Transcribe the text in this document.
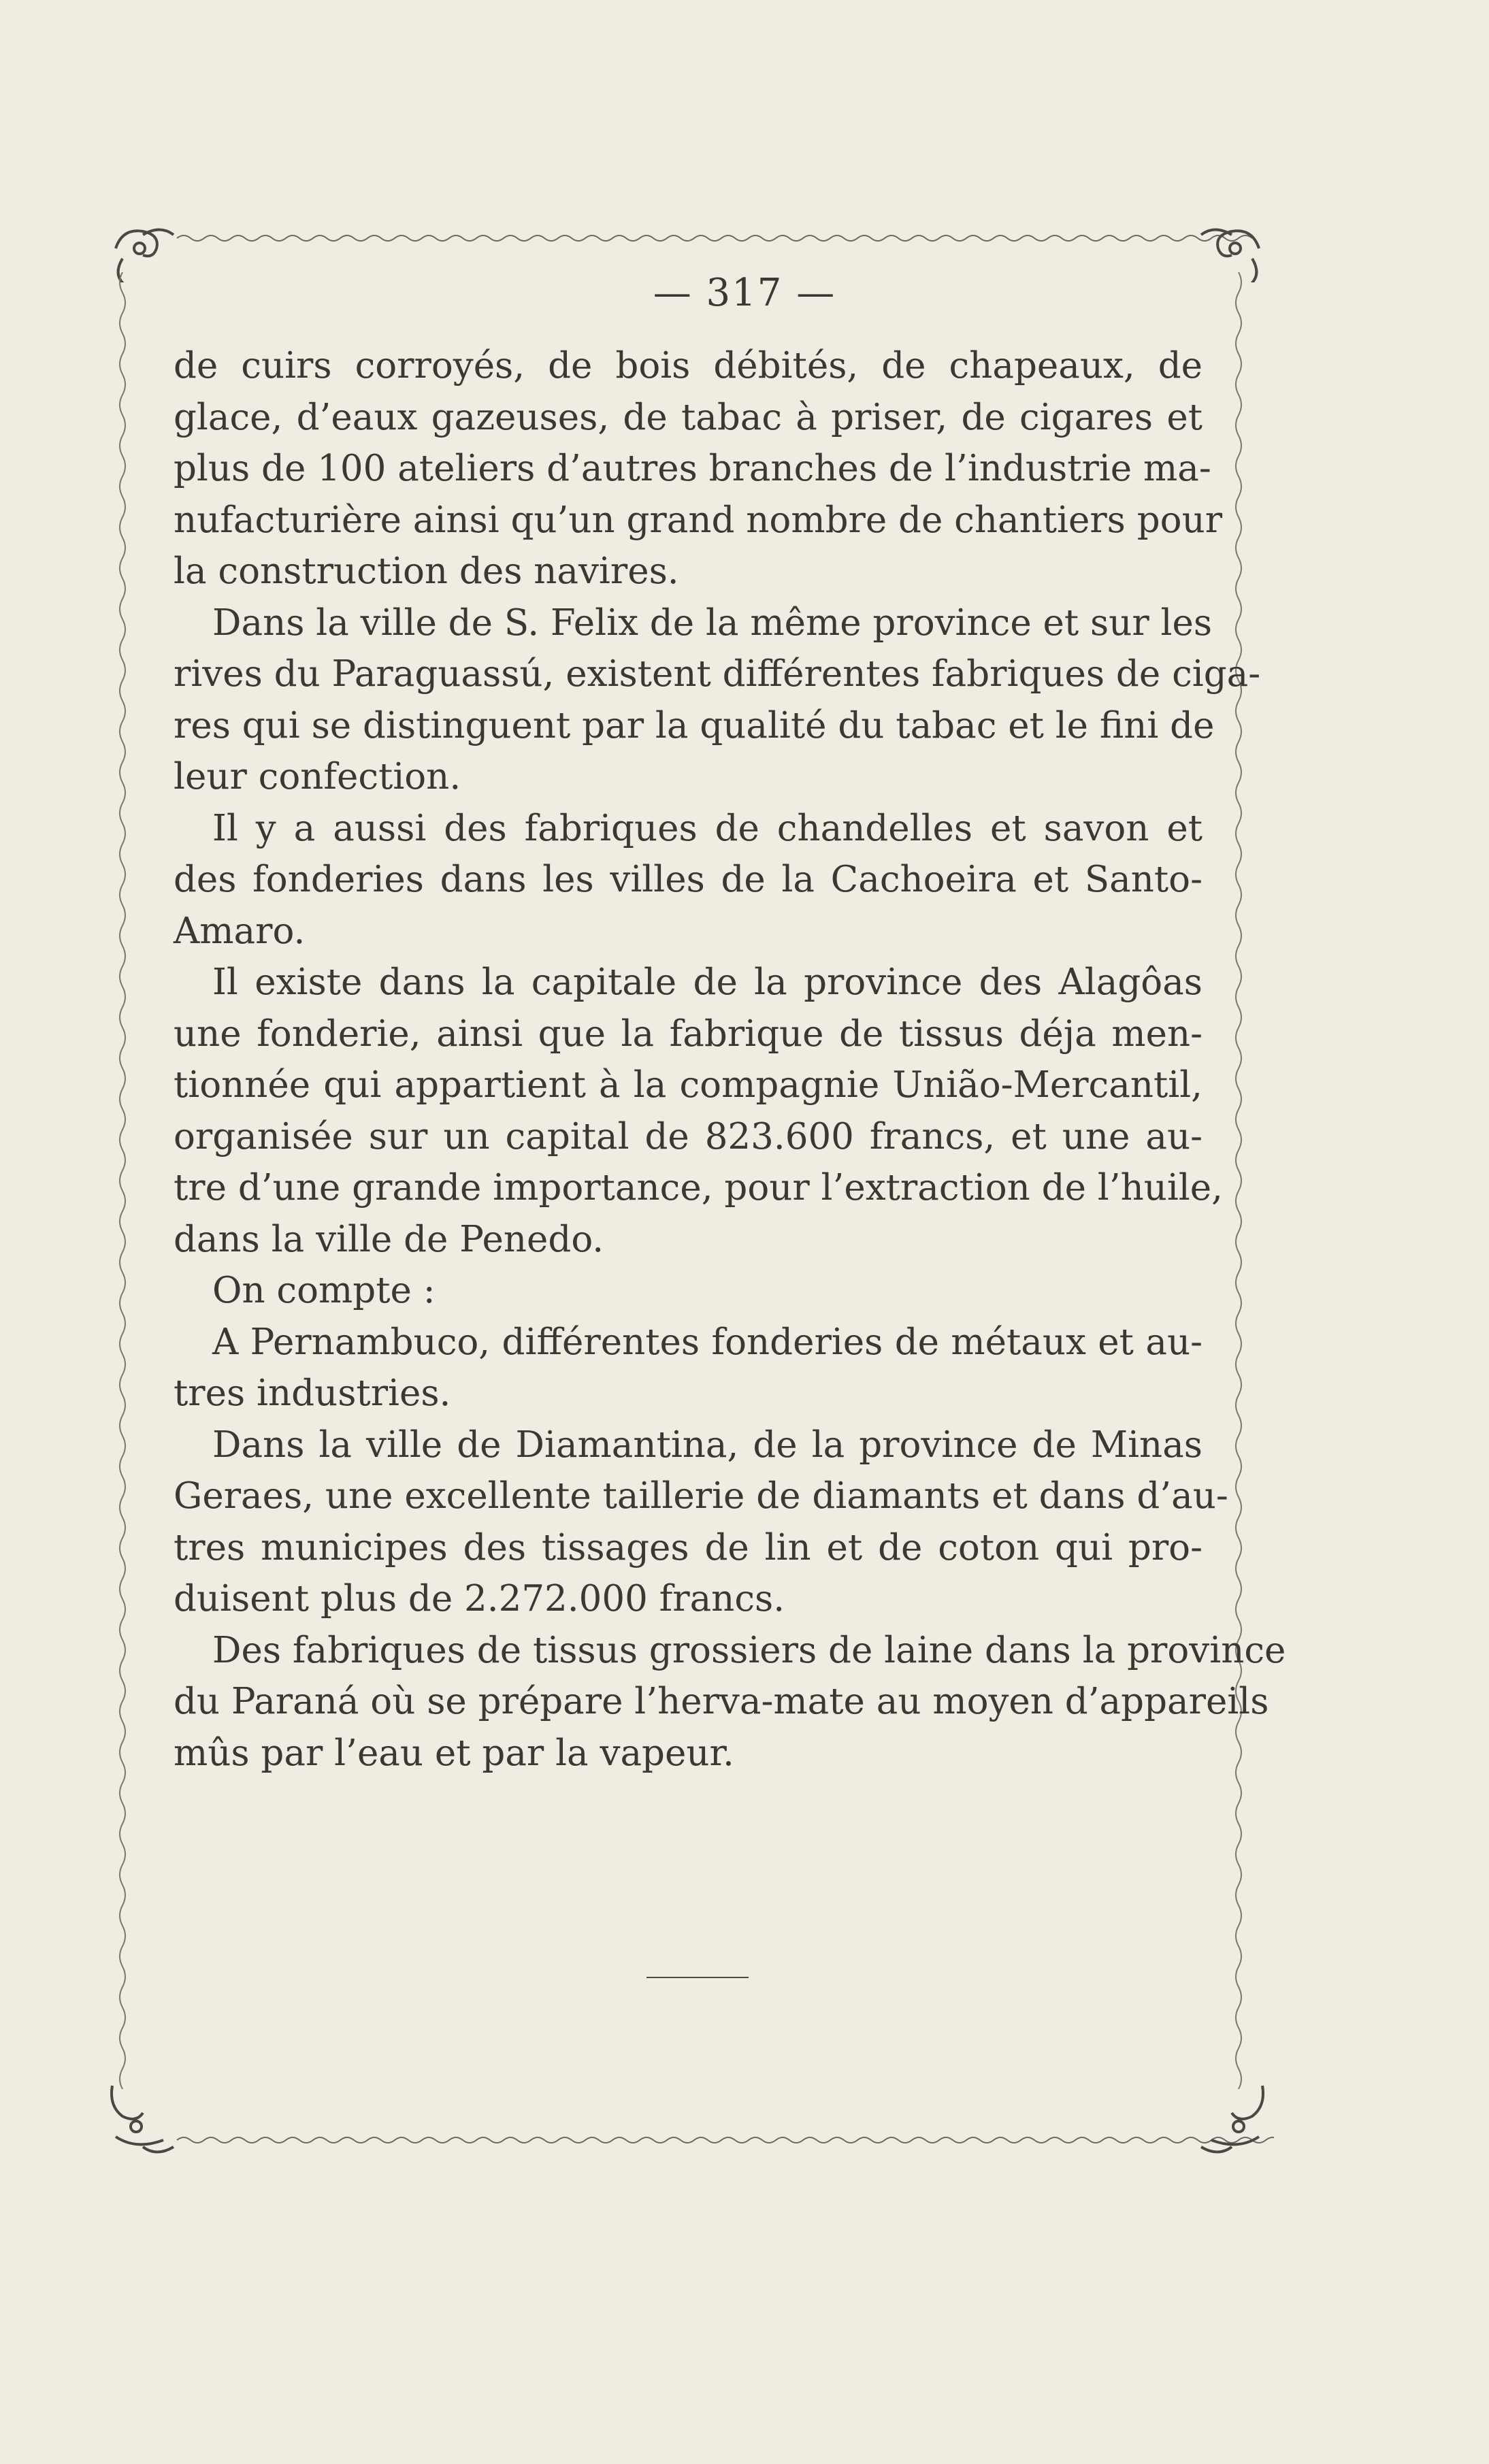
— 317 —

de cuirs corroyés, de bois débités, de chapeaux, de
glace, d’eaux gazeuses, de tabac à priser, de cigares et
plus de 100 ateliers d’autres branches de l’industrie ma-
nufacturière ainsi qu’un grand nombre de chantiers pour
la construction des navires.

Dans la ville de S. Felix de la même province et sur les
rives du Paraguassú, existent différentes fabriques de ciga-
res qui se distinguent par la qualité du tabac et le fini de
leur confection.

Il y a aussi des fabriques de chandelles et savon et
des fonderies dans les villes de la Cachoeira et Santo-
Amaro.

Il existe dans la capitale de la province des Alagôas
une fonderie, ainsi que la fabrique de tissus déja men-
tionnée qui appartient à la compagnie União-Mercantil,
organisée sur un capital de 823.600 francs, et une au-
tre d’une grande importance, pour l’extraction de l’huile,
dans la ville de Penedo.

On compte :

A Pernambuco, différentes fonderies de métaux et au-
tres industries.

Dans la ville de Diamantina, de la province de Minas
Geraes, une excellente taillerie de diamants et dans d’au-
tres municipes des tissages de lin et de coton qui pro-
duisent plus de 2.272.000 francs.

Des fabriques de tissus grossiers de laine dans la province
du Paraná où se prépare l’herva-mate au moyen d’appareils
mûs par l’eau et par la vapeur.
